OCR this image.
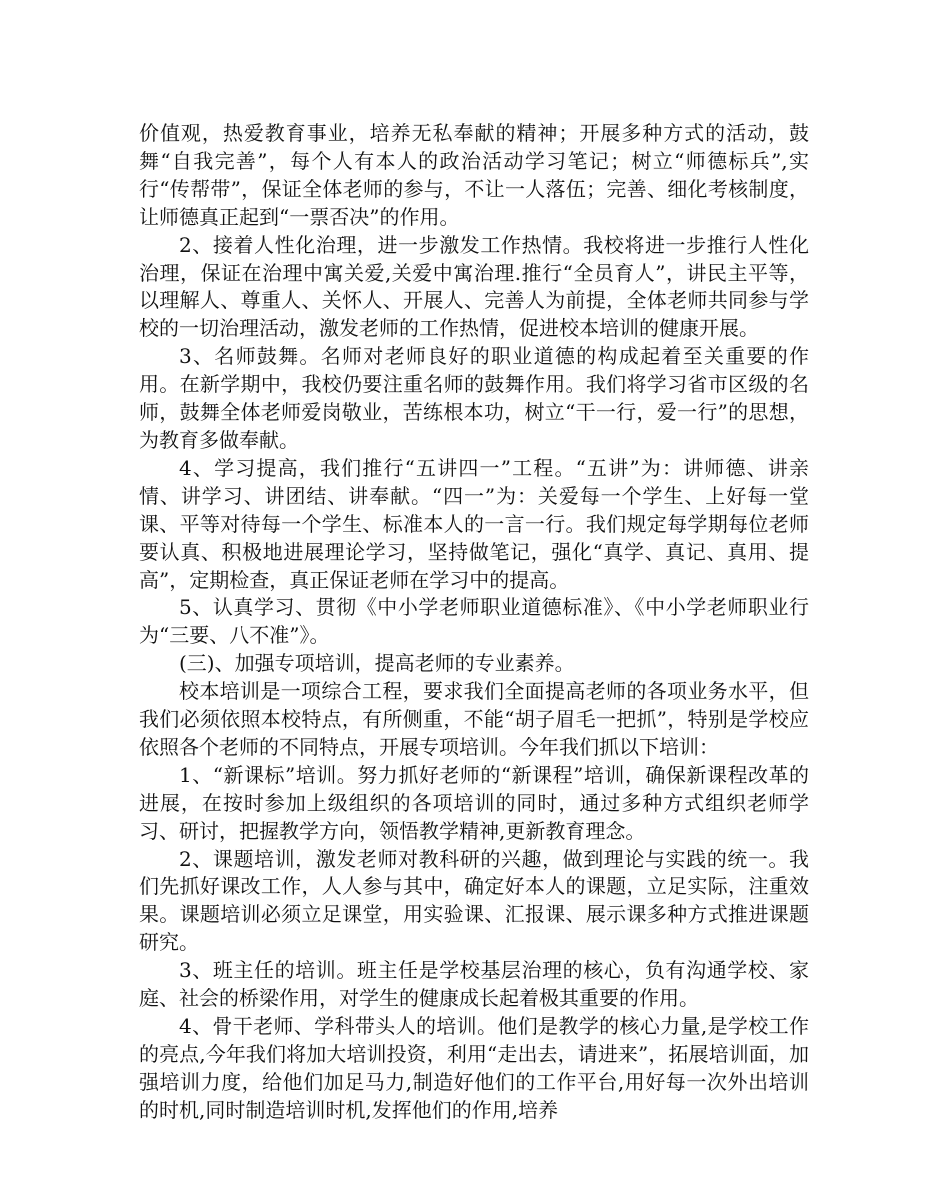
价值观，热爱教育事业，培养无私奉献的精神；开展多种方式的活动，鼓舞“自我完善”，每个人有本人的政治活动学习笔记；树立“师德标兵”,实行“传帮带”，保证全体老师的参与，不让一人落伍；完善、细化考核制度，让师德真正起到“一票否决”的作用。

2、接着人性化治理，进一步激发工作热情。我校将进一步推行人性化治理，保证在治理中寓关爱,关爱中寓治理.推行“全员育人”，讲民主平等，以理解人、尊重人、关怀人、开展人、完善人为前提，全体老师共同参与学校的一切治理活动，激发老师的工作热情，促进校本培训的健康开展。

3、名师鼓舞。名师对老师良好的职业道德的构成起着至关重要的作用。在新学期中，我校仍要注重名师的鼓舞作用。我们将学习省市区级的名师，鼓舞全体老师爱岗敬业，苦练根本功，树立“干一行，爱一行”的思想，为教育多做奉献。

4、学习提高，我们推行“五讲四一”工程。“五讲”为：讲师德、讲亲情、讲学习、讲团结、讲奉献。“四一”为：关爱每一个学生、上好每一堂课、平等对待每一个学生、标准本人的一言一行。我们规定每学期每位老师要认真、积极地进展理论学习，坚持做笔记，强化“真学、真记、真用、提高”，定期检查，真正保证老师在学习中的提高。

5、认真学习、贯彻《中小学老师职业道德标准》、《中小学老师职业行为“三要、八不准”》。

(三)、加强专项培训，提高老师的专业素养。

校本培训是一项综合工程，要求我们全面提高老师的各项业务水平，但我们必须依照本校特点，有所侧重，不能“胡子眉毛一把抓”，特别是学校应依照各个老师的不同特点，开展专项培训。今年我们抓以下培训：

1、“新课标”培训。努力抓好老师的“新课程”培训，确保新课程改革的进展，在按时参加上级组织的各项培训的同时，通过多种方式组织老师学习、研讨，把握教学方向，领悟教学精神,更新教育理念。

2、课题培训，激发老师对教科研的兴趣，做到理论与实践的统一。我们先抓好课改工作，人人参与其中，确定好本人的课题，立足实际，注重效果。课题培训必须立足课堂，用实验课、汇报课、展示课多种方式推进课题研究。

3、班主任的培训。班主任是学校基层治理的核心，负有沟通学校、家庭、社会的桥梁作用，对学生的健康成长起着极其重要的作用。

4、骨干老师、学科带头人的培训。他们是教学的核心力量,是学校工作的亮点,今年我们将加大培训投资，利用“走出去，请进来”，拓展培训面，加强培训力度，给他们加足马力,制造好他们的工作平台,用好每一次外出培训的时机,同时制造培训时机,发挥他们的作用,培养
